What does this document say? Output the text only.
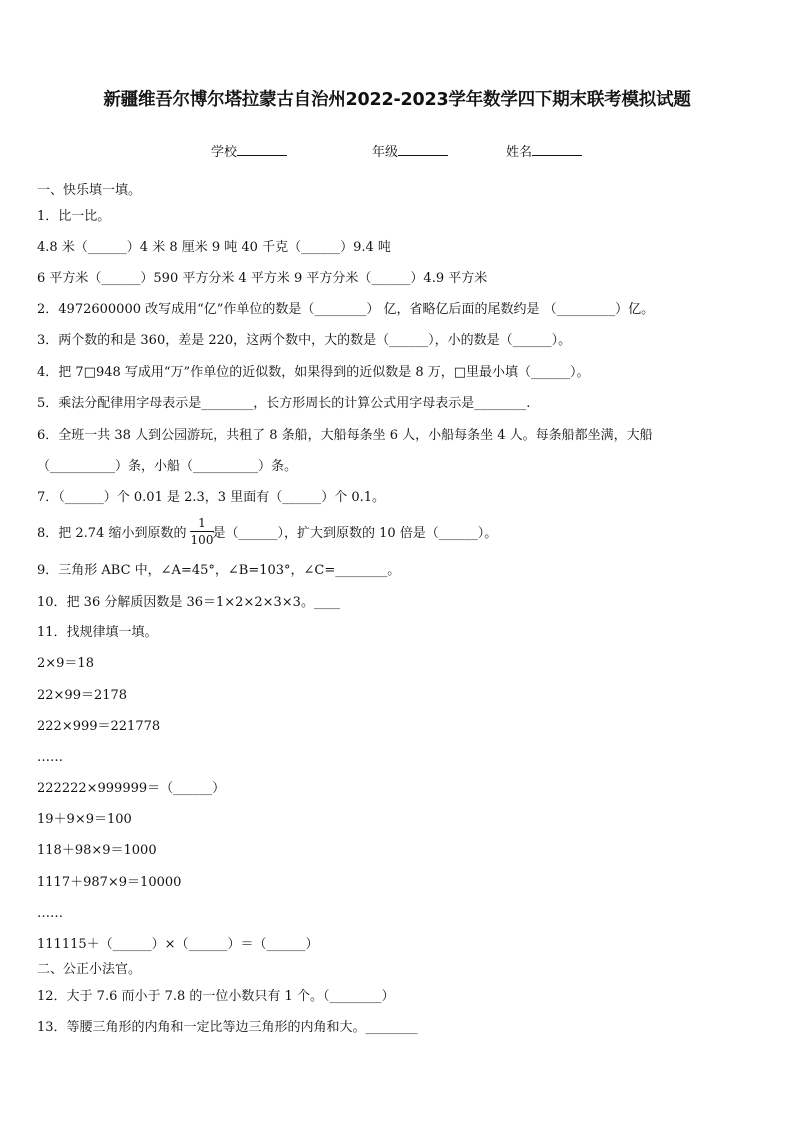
新疆维吾尔博尔塔拉蒙古自治州2022-2023学年数学四下期末联考模拟试题
学校	年级	姓名
一、快乐填一填。
1．比一比。
4.8 米（______）4 米 8 厘米 9 吨 40 千克（______）9.4 吨
6 平方米（______）590 平方分米 4 平方米 9 平方分米（______）4.9 平方米
2．4972600000 改写成用“亿”作单位的数是（________） 亿，省略亿后面的尾数约是 （_________）亿。
3．两个数的和是 360，差是 220，这两个数中，大的数是（______），小的数是（______）。
4．把 7□948 写成用“万”作单位的近似数，如果得到的近似数是 8 万，□里最小填（______）。
5．乘法分配律用字母表示是________，长方形周长的计算公式用字母表示是________.
6．全班一共 38 人到公园游玩，共租了 8 条船，大船每条坐 6 人，小船每条坐 4 人。每条船都坐满，大船
（__________）条，小船（__________）条。
7．（______）个 0.01 是 2.3，3 里面有（______）个 0.1。
8．把 2.74 缩小到原数的 是（______），扩大到原数的 10 倍是（______）。
1
100
9．三角形 ABC 中，∠A=45°，∠B=103°，∠C=________。
10．把 36 分解质因数是 36＝1×2×2×3×3。____
11．找规律填一填。
2×9＝18
22×99＝2178
222×999＝221778
……
222222×999999＝（______）
19＋9×9＝100
118＋98×9＝1000
1117＋987×9＝10000
……
111115＋（______）×（______）＝（______）
二、公正小法官。
12．大于 7.6 而小于 7.8 的一位小数只有 1 个。（________）
13．等腰三角形的内角和一定比等边三角形的内角和大。________
